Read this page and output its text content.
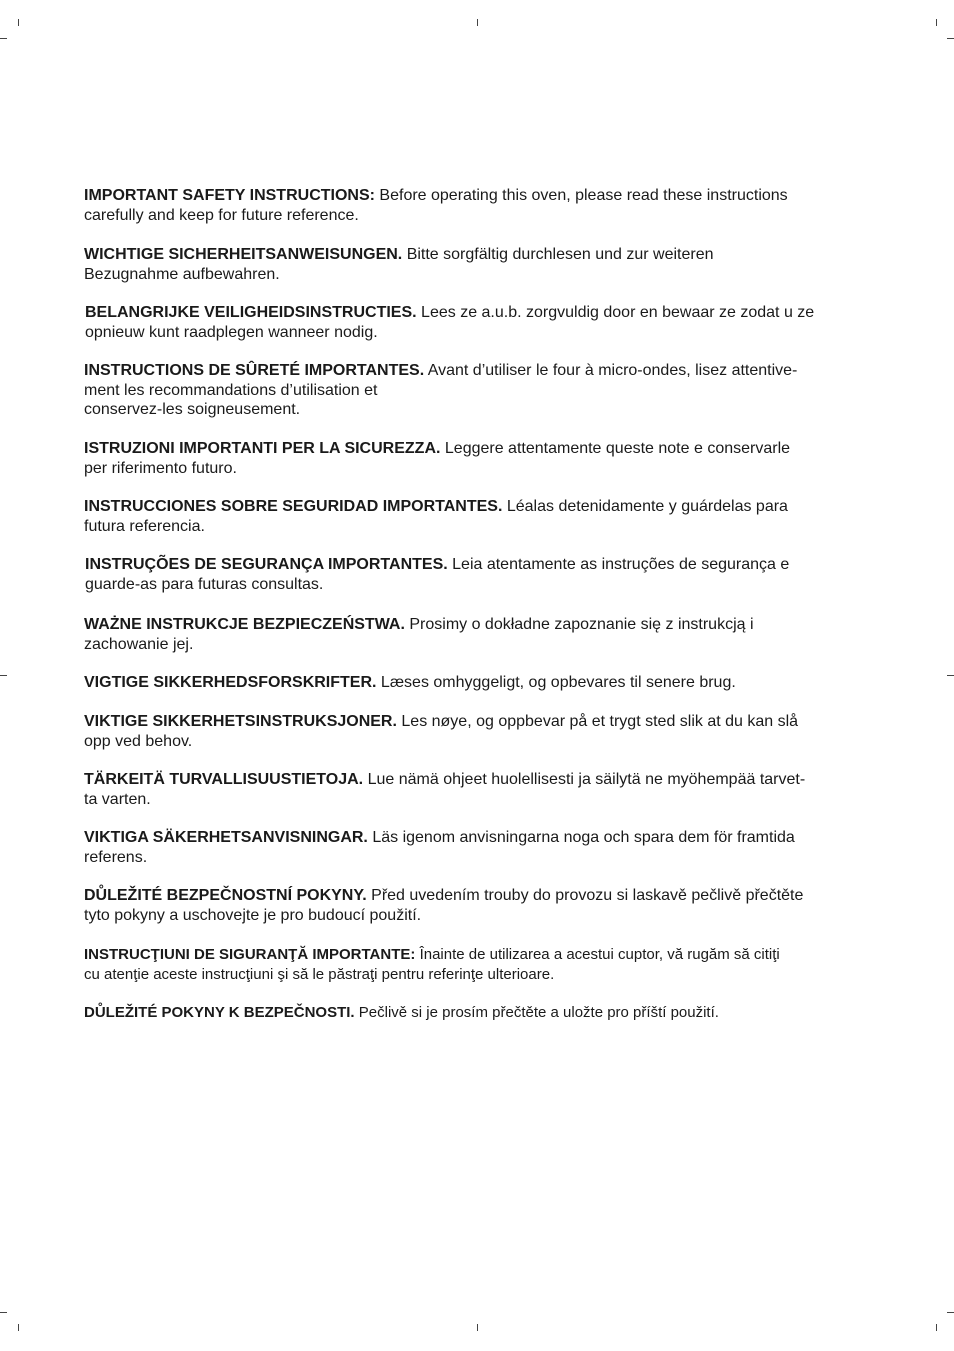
IMPORTANT SAFETY INSTRUCTIONS: Before operating this oven, please read these instructions
carefully and keep for future reference.

WICHTIGE SICHERHEITSANWEISUNGEN. Bitte sorgfältig durchlesen und zur weiteren
Bezugnahme aufbewahren.

BELANGRIJKE VEILIGHEIDSINSTRUCTIES. Lees ze a.u.b. zorgvuldig door en bewaar ze zodat u ze
opnieuw kunt raadplegen wanneer nodig.

INSTRUCTIONS DE SÛRETÉ IMPORTANTES. Avant d’utiliser le four à micro-ondes, lisez attentive-
ment les recommandations d’utilisation et
conservez-les soigneusement.

ISTRUZIONI IMPORTANTI PER LA SICUREZZA. Leggere attentamente queste note e conservarle
per riferimento futuro.

INSTRUCCIONES SOBRE SEGURIDAD IMPORTANTES. Léalas detenidamente y guárdelas para
futura referencia.

INSTRUÇÕES DE SEGURANÇA IMPORTANTES. Leia atentamente as instruções de segurança e
guarde-as para futuras consultas.

WAŻNE INSTRUKCJE BEZPIECZEŃSTWA. Prosimy o dokładne zapoznanie się z instrukcją i
zachowanie jej.

VIGTIGE SIKKERHEDSFORSKRIFTER. Læses omhyggeligt, og opbevares til senere brug.

VIKTIGE SIKKERHETSINSTRUKSJONER. Les nøye, og oppbevar på et trygt sted slik at du kan slå
opp ved behov.

TÄRKEITÄ TURVALLISUUSTIETOJA. Lue nämä ohjeet huolellisesti ja säilytä ne myöhempää tarvet-
ta varten.

VIKTIGA SÄKERHETSANVISNINGAR. Läs igenom anvisningarna noga och spara dem för framtida
referens.

DŮLEŽITÉ BEZPEČNOSTNÍ POKYNY. Před uvedením trouby do provozu si laskavě pečlivě přečtěte
tyto pokyny a uschovejte je pro budoucí použití.

INSTRUCŢIUNI DE SIGURANŢĂ IMPORTANTE: Înainte de utilizarea a acestui cuptor, vă rugăm să citiţi
cu atenţie aceste instrucţiuni şi să le păstraţi pentru referinţe ulterioare.

DŮLEŽITÉ POKYNY K BEZPEČNOSTI. Pečlivě si je prosím přečtěte a uložte pro příští použití.
